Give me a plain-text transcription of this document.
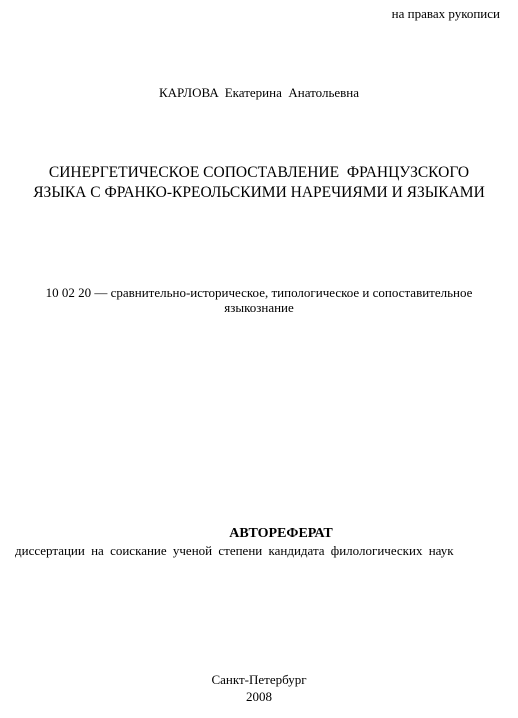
на правах рукописи
КАРЛОВА Екатерина  Анатольевна
СИНЕРГЕТИЧЕСКОЕ СОПОСТАВЛЕНИЕ  ФРАНЦУЗСКОГО
ЯЗЫКА С ФРАНКО-КРЕОЛЬСКИМИ НАРЕЧИЯМИ И ЯЗЫКАМИ
10 02 20 — сравнительно-историческое, типологическое и сопоставительное
языкознание
АВТОРЕФЕРАТ
диссертации на соискание ученой степени кандидата филологических наук
Санкт-Петербург
2008
